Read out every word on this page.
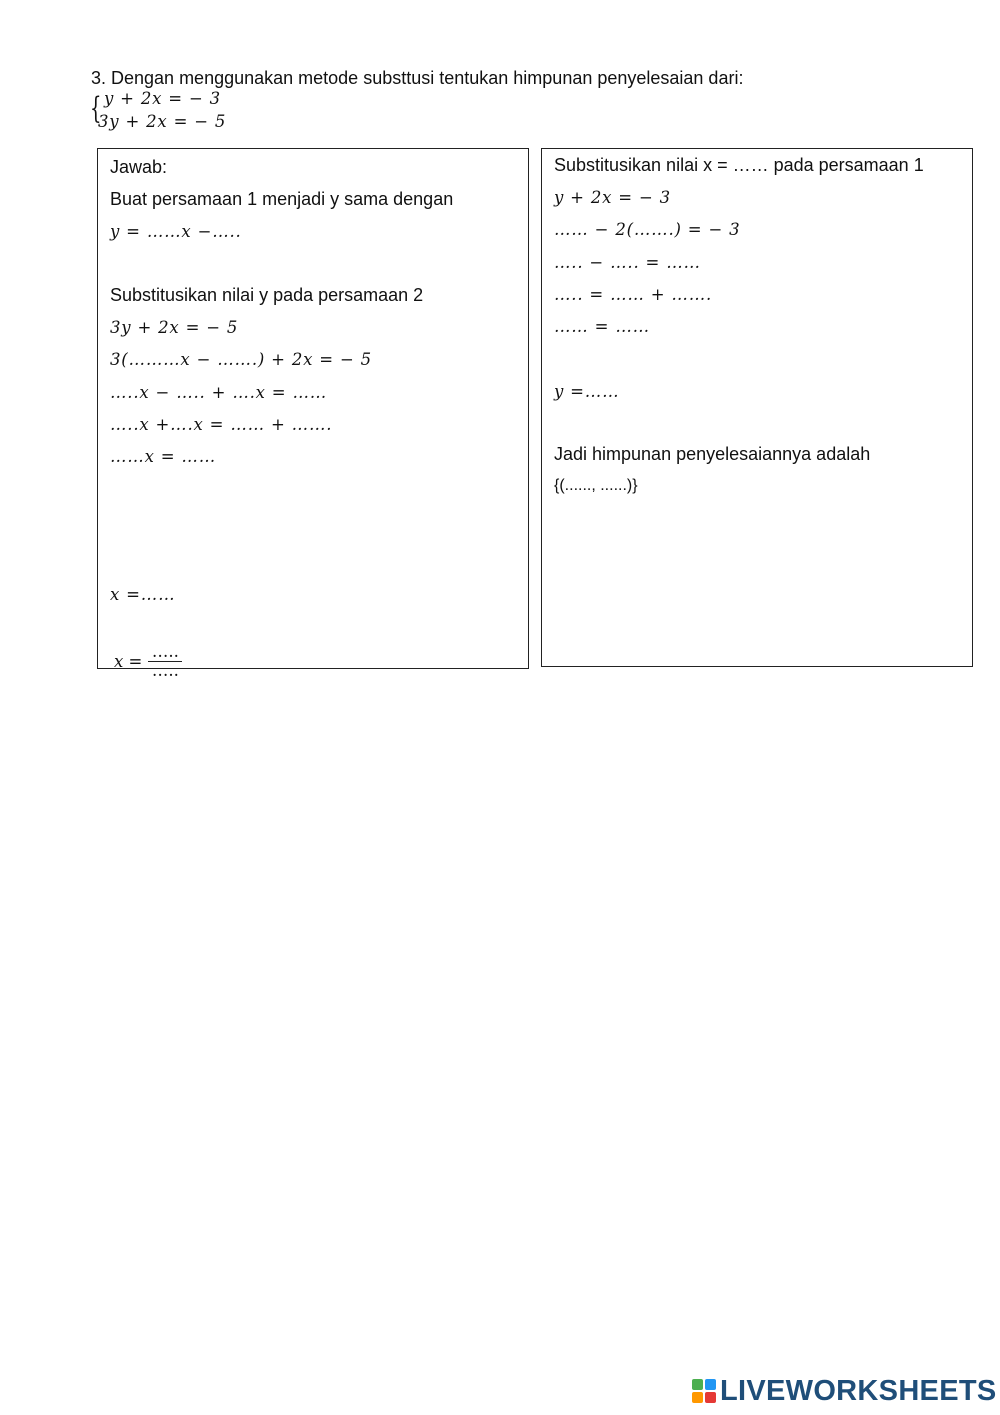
3. Dengan menggunakan metode substtusi tentukan himpunan penyelesaian dari:
{ y + 2x = − 3
3y + 2x = − 5
Jawab:
Buat persamaan 1 menjadi y sama dengan
y = ……x −…..
Substitusikan nilai y pada persamaan 2
3y + 2x = − 5
3(………x − …….) + 2x = − 5
…..x − ….. + ….x = ……
…..x +….x = …… + …….
……x = ……
$x = \frac{\dots..}{\dots..}$
x =……
Substitusikan nilai x = …… pada persamaan 1
y + 2x = − 3
…… − 2(…….) = − 3
….. − ….. = ……
….. = …… + …….
…… = ……
y =……
Jadi himpunan penyelesaiannya adalah
{(......, ......)}
LIVEWORKSHEETS
